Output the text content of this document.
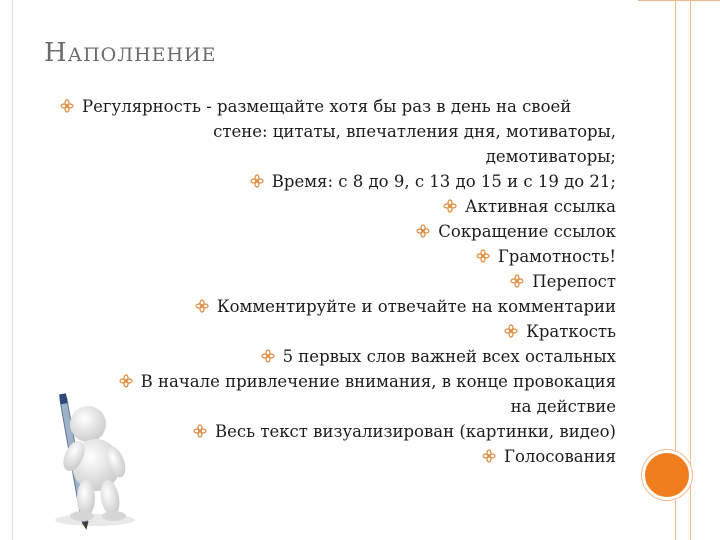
НАПОЛНЕНИЕ
Регулярность - размещайте хотя бы раз в день на своей
стене: цитаты, впечатления дня, мотиваторы,
демотиваторы;
Время: с 8 до 9, с 13 до 15 и с 19 до 21;
Активная ссылка
Сокращение ссылок
Грамотность!
Перепост
Комментируйте и отвечайте на комментарии
Краткость
5 первых слов важней всех остальных
В начале привлечение внимания, в конце провокация
на действие
Весь текст визуализирован (картинки, видео)
Голосования
